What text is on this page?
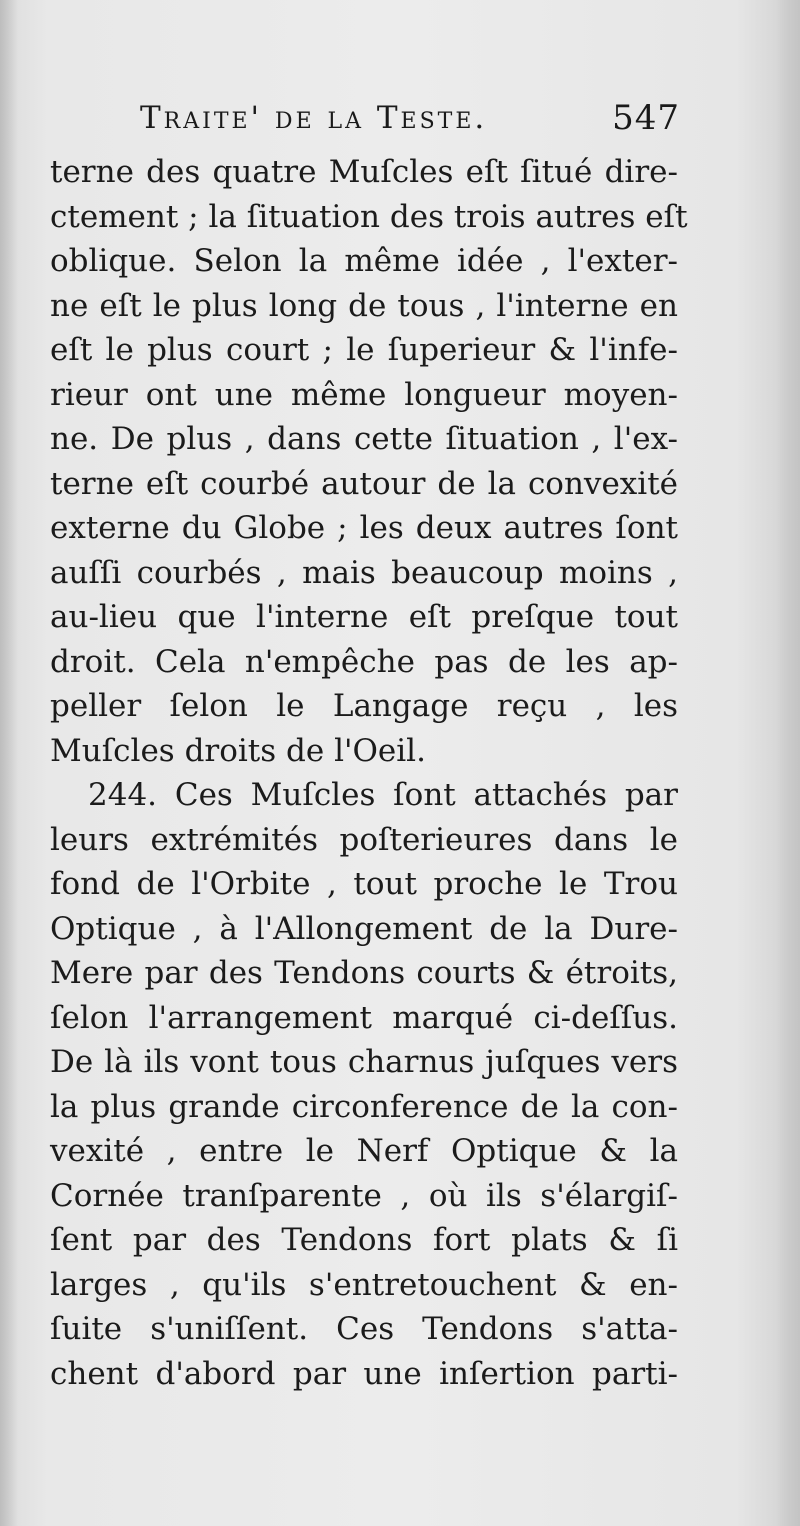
Traite' de la Teste.	547
terne des quatre Muſcles eſt ſitué dire-
ctement ; la ſituation des trois autres eſt
oblique. Selon la même idée , l'exter-
ne eſt le plus long de tous , l'interne en
eſt le plus court ; le ſuperieur & l'infe-
rieur ont une même longueur moyen-
ne. De plus , dans cette ſituation , l'ex-
terne eſt courbé autour de la convexité
externe du Globe ; les deux autres ſont
auſſi courbés , mais beaucoup moins ,
au-lieu que l'interne eſt preſque tout
droit. Cela n'empêche pas de les ap-
peller ſelon le Langage reçu , les
Muſcles droits de l'Oeil.
244. Ces Muſcles ſont attachés par
leurs extrémités poſterieures dans le
fond de l'Orbite , tout proche le Trou
Optique , à l'Allongement de la Dure-
Mere par des Tendons courts & étroits,
ſelon l'arrangement marqué ci-deſſus.
De là ils vont tous charnus juſques vers
la plus grande circonference de la con-
vexité , entre le Nerf Optique & la
Cornée tranſparente , où ils s'élargiſ-
ſent par des Tendons fort plats & ſi
larges , qu'ils s'entretouchent & en-
ſuite s'uniſſent. Ces Tendons s'atta-
chent d'abord par une inſertion parti-
